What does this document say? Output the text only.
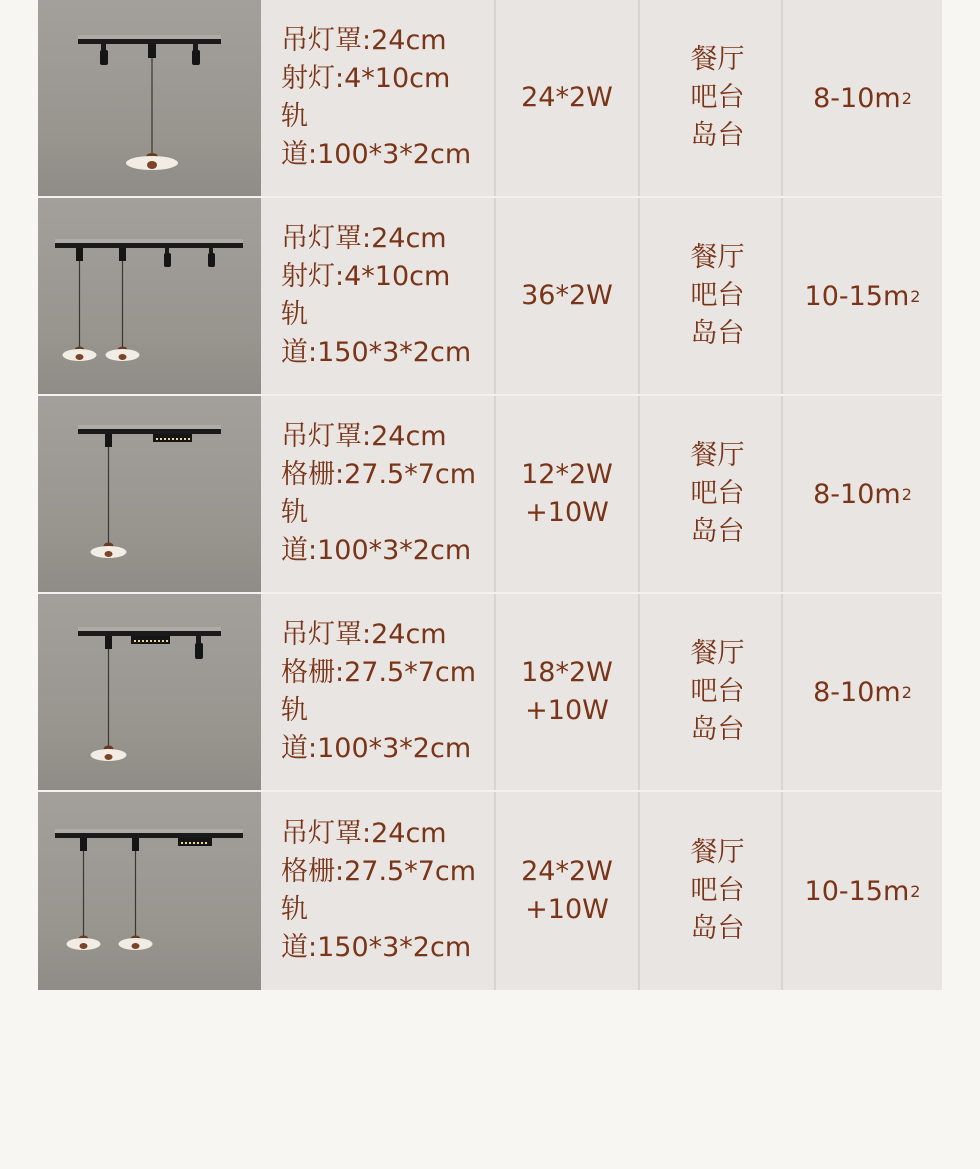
吊灯罩:24cm
射灯:4*10cm
轨道:100*3*2cm
24*2W
餐厅
吧台
岛台
8-10m 2
吊灯罩:24cm
射灯:4*10cm
轨道:150*3*2cm
36*2W
餐厅
吧台
岛台
10-15m 2
吊灯罩:24cm
格栅:27.5*7cm
轨道:100*3*2cm
12*2W
+10W
餐厅
吧台
岛台
8-10m 2
吊灯罩:24cm
格栅:27.5*7cm
轨道:100*3*2cm
18*2W
+10W
餐厅
吧台
岛台
8-10m 2
吊灯罩:24cm
格栅:27.5*7cm
轨道:150*3*2cm
24*2W
+10W
餐厅
吧台
岛台
10-15m 2
